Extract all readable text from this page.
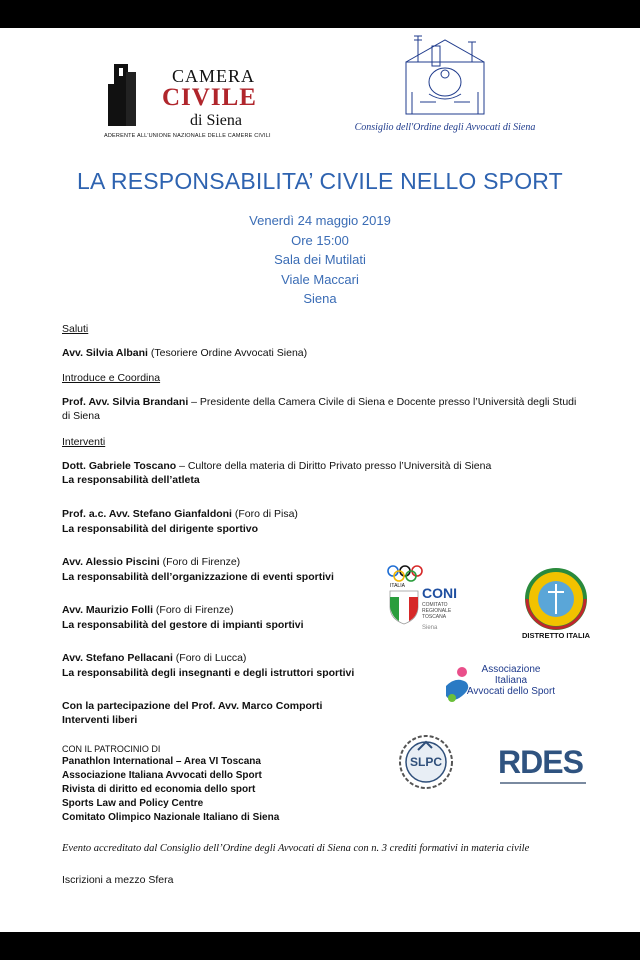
CAMERA
CIVILE
di Siena
ADERENTE ALL'UNIONE NAZIONALE DELLE CAMERE CIVILI
Consiglio dell'Ordine degli Avvocati di Siena
LA RESPONSABILITA’ CIVILE NELLO SPORT
Venerdì 24 maggio 2019
Ore 15:00
Sala dei Mutilati
Viale Maccari
Siena
Saluti
Avv. Silvia Albani (Tesoriere Ordine Avvocati Siena)
Introduce e Coordina
Prof. Avv. Silvia Brandani – Presidente della Camera Civile di Siena e Docente presso l’Università degli Studi di Siena
Interventi
Dott. Gabriele Toscano – Cultore della materia di Diritto Privato presso l’Università di Siena
La responsabilità dell’atleta
Prof. a.c. Avv. Stefano Gianfaldoni (Foro di Pisa)
La responsabilità del dirigente sportivo
Avv. Alessio Piscini (Foro di Firenze)
La responsabilità dell’organizzazione di eventi sportivi
Avv. Maurizio Folli (Foro di Firenze)
La responsabilità del gestore di impianti sportivi
Avv. Stefano Pellacani (Foro di Lucca)
La responsabilità degli insegnanti e degli istruttori sportivi
Con la partecipazione del Prof. Avv. Marco Comporti
Interventi liberi
CON IL PATROCINIO DI
Panathlon International – Area VI Toscana
Associazione Italiana Avvocati dello Sport
Rivista di diritto ed economia dello sport
Sports Law and Policy Centre
Comitato Olimpico Nazionale Italiano di Siena
ITALIA CONI
COMITATO
REGIONALE
TOSCANA
Siena
DISTRETTO ITALIA
Associazione
Italiana
Avvocati dello Sport
SLPC	RDES
Evento accreditato dal Consiglio dell’Ordine degli Avvocati di Siena con n. 3 crediti formativi in materia civile
Iscrizioni a mezzo Sfera
